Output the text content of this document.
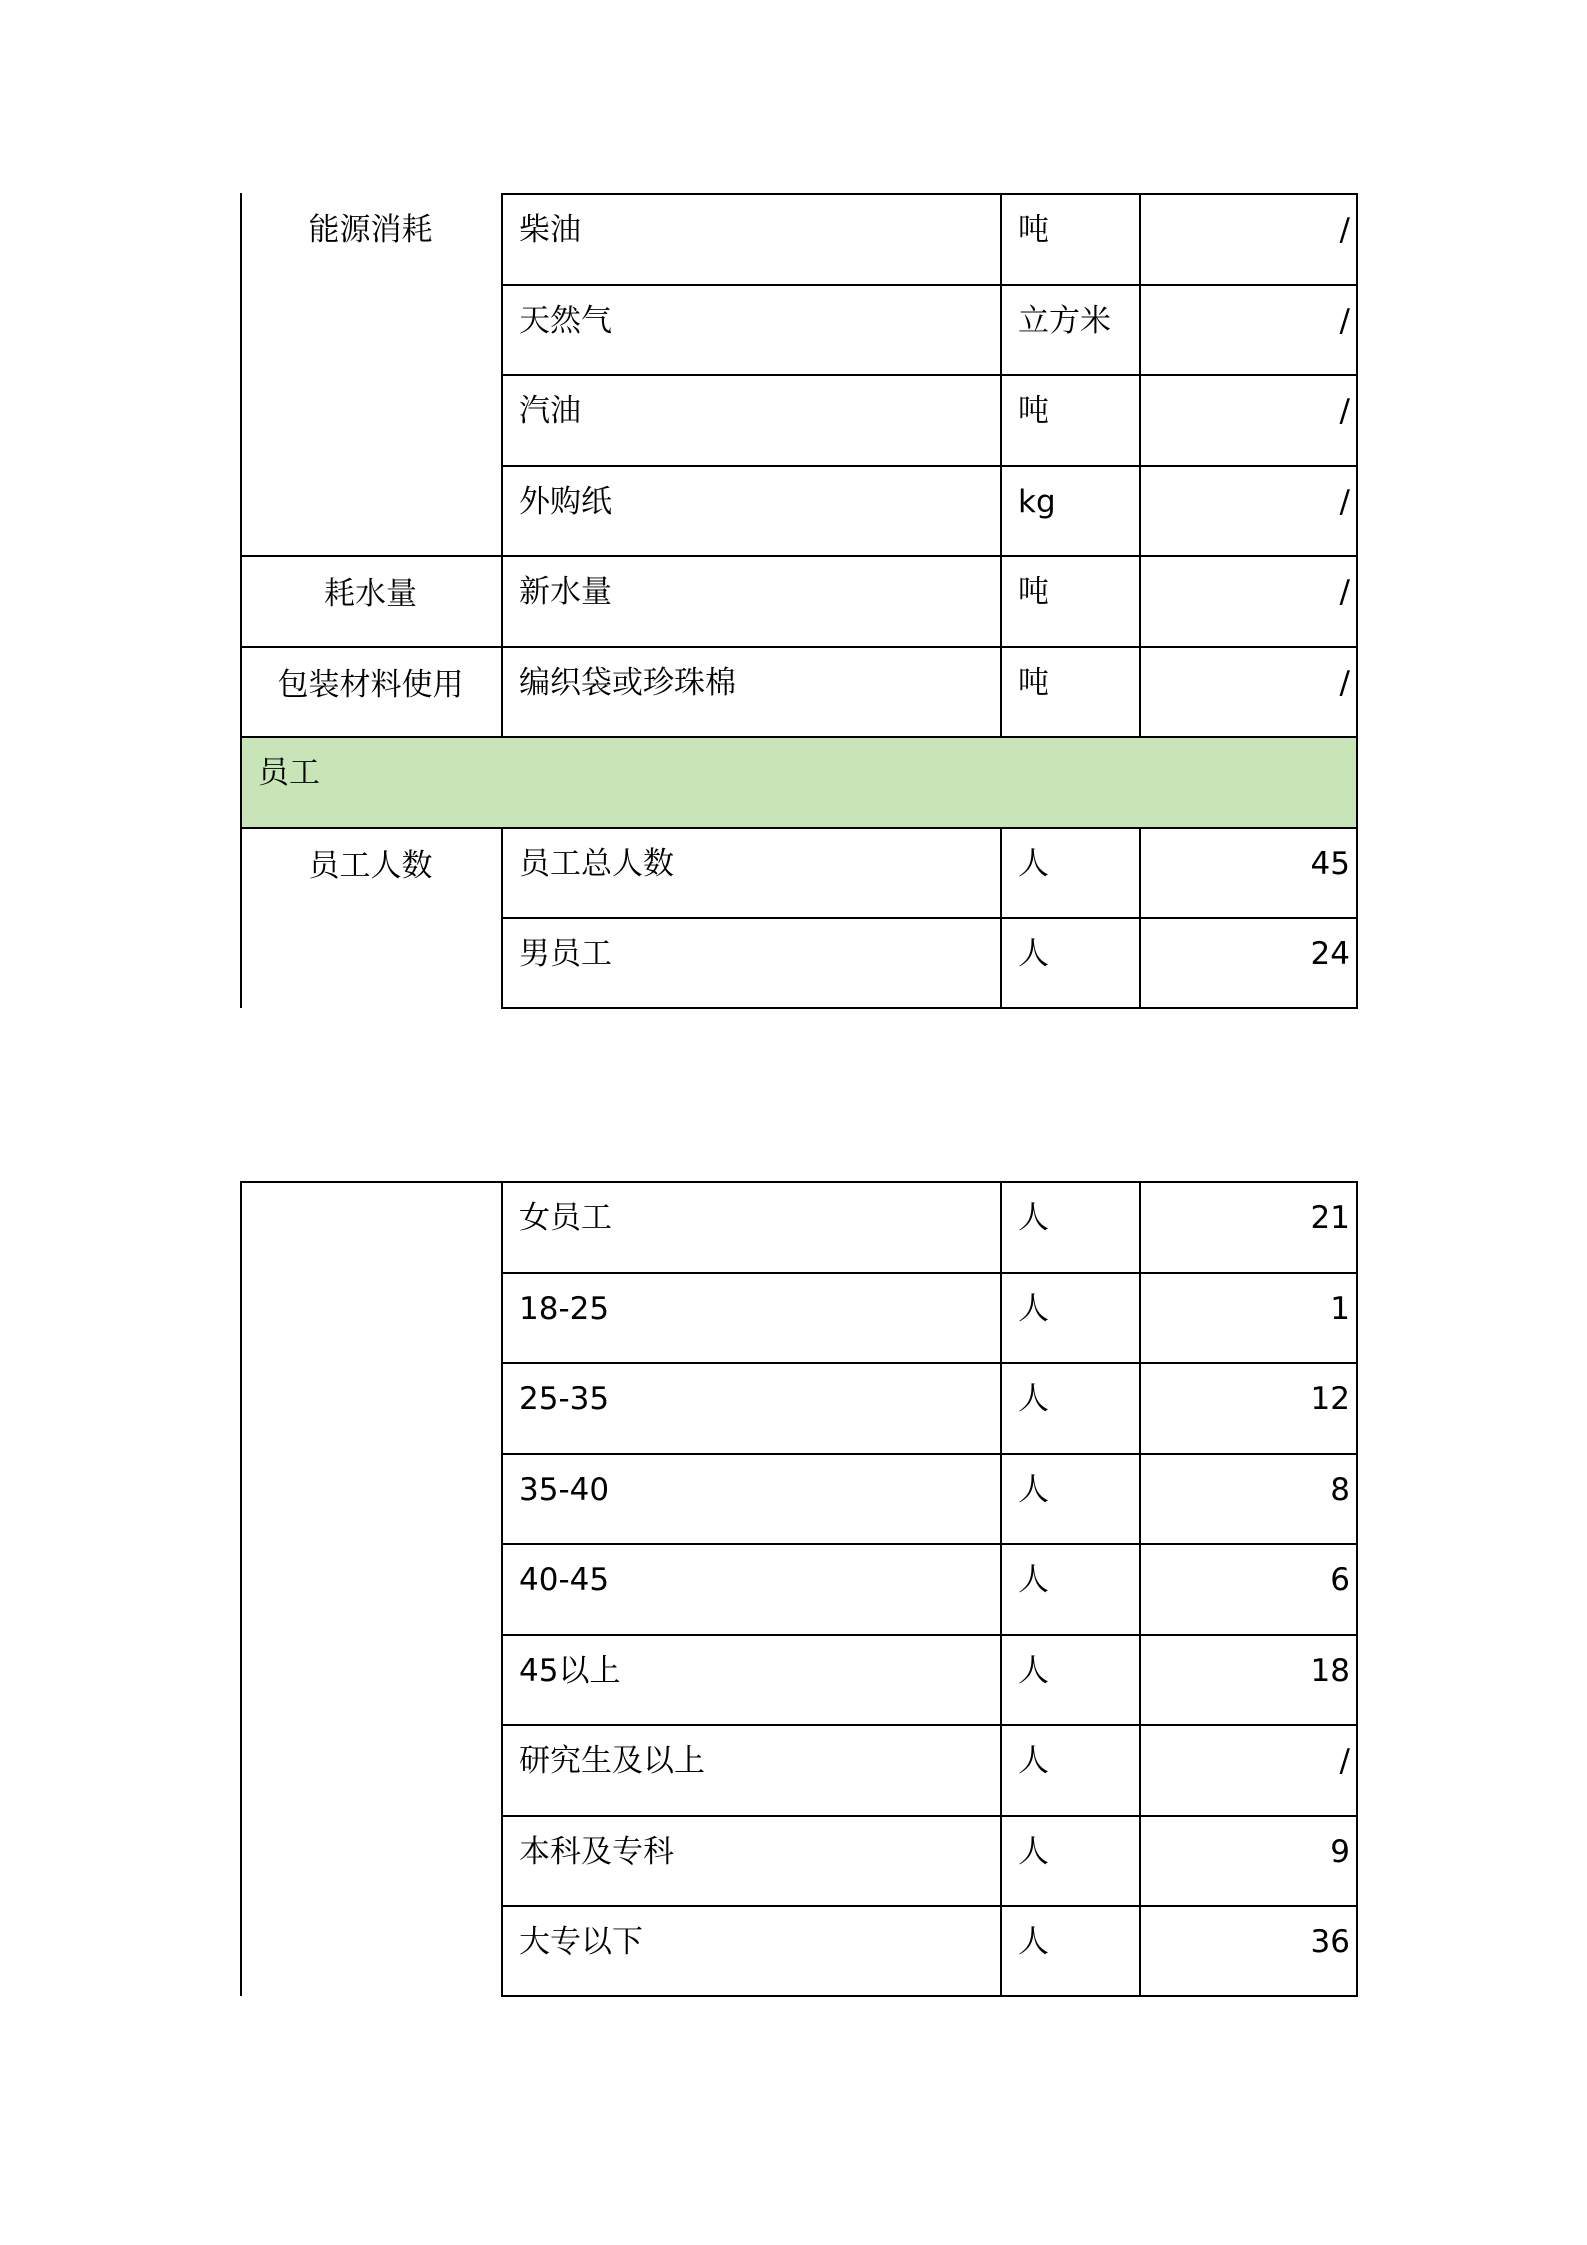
能源消耗	柴油	吨	/
天然气	立方米	/
汽油	吨	/
外购纸	kg	/
耗水量	新水量	吨	/
包装材料使用	编织袋或珍珠棉	吨	/
员工
员工人数	员工总人数	人	45
男员工	人	24
女员工	人	21
18-25	人	1
25-35	人	12
35-40	人	8
40-45	人	6
45以上	人	18
研究生及以上	人	/
本科及专科	人	9
大专以下	人	36
